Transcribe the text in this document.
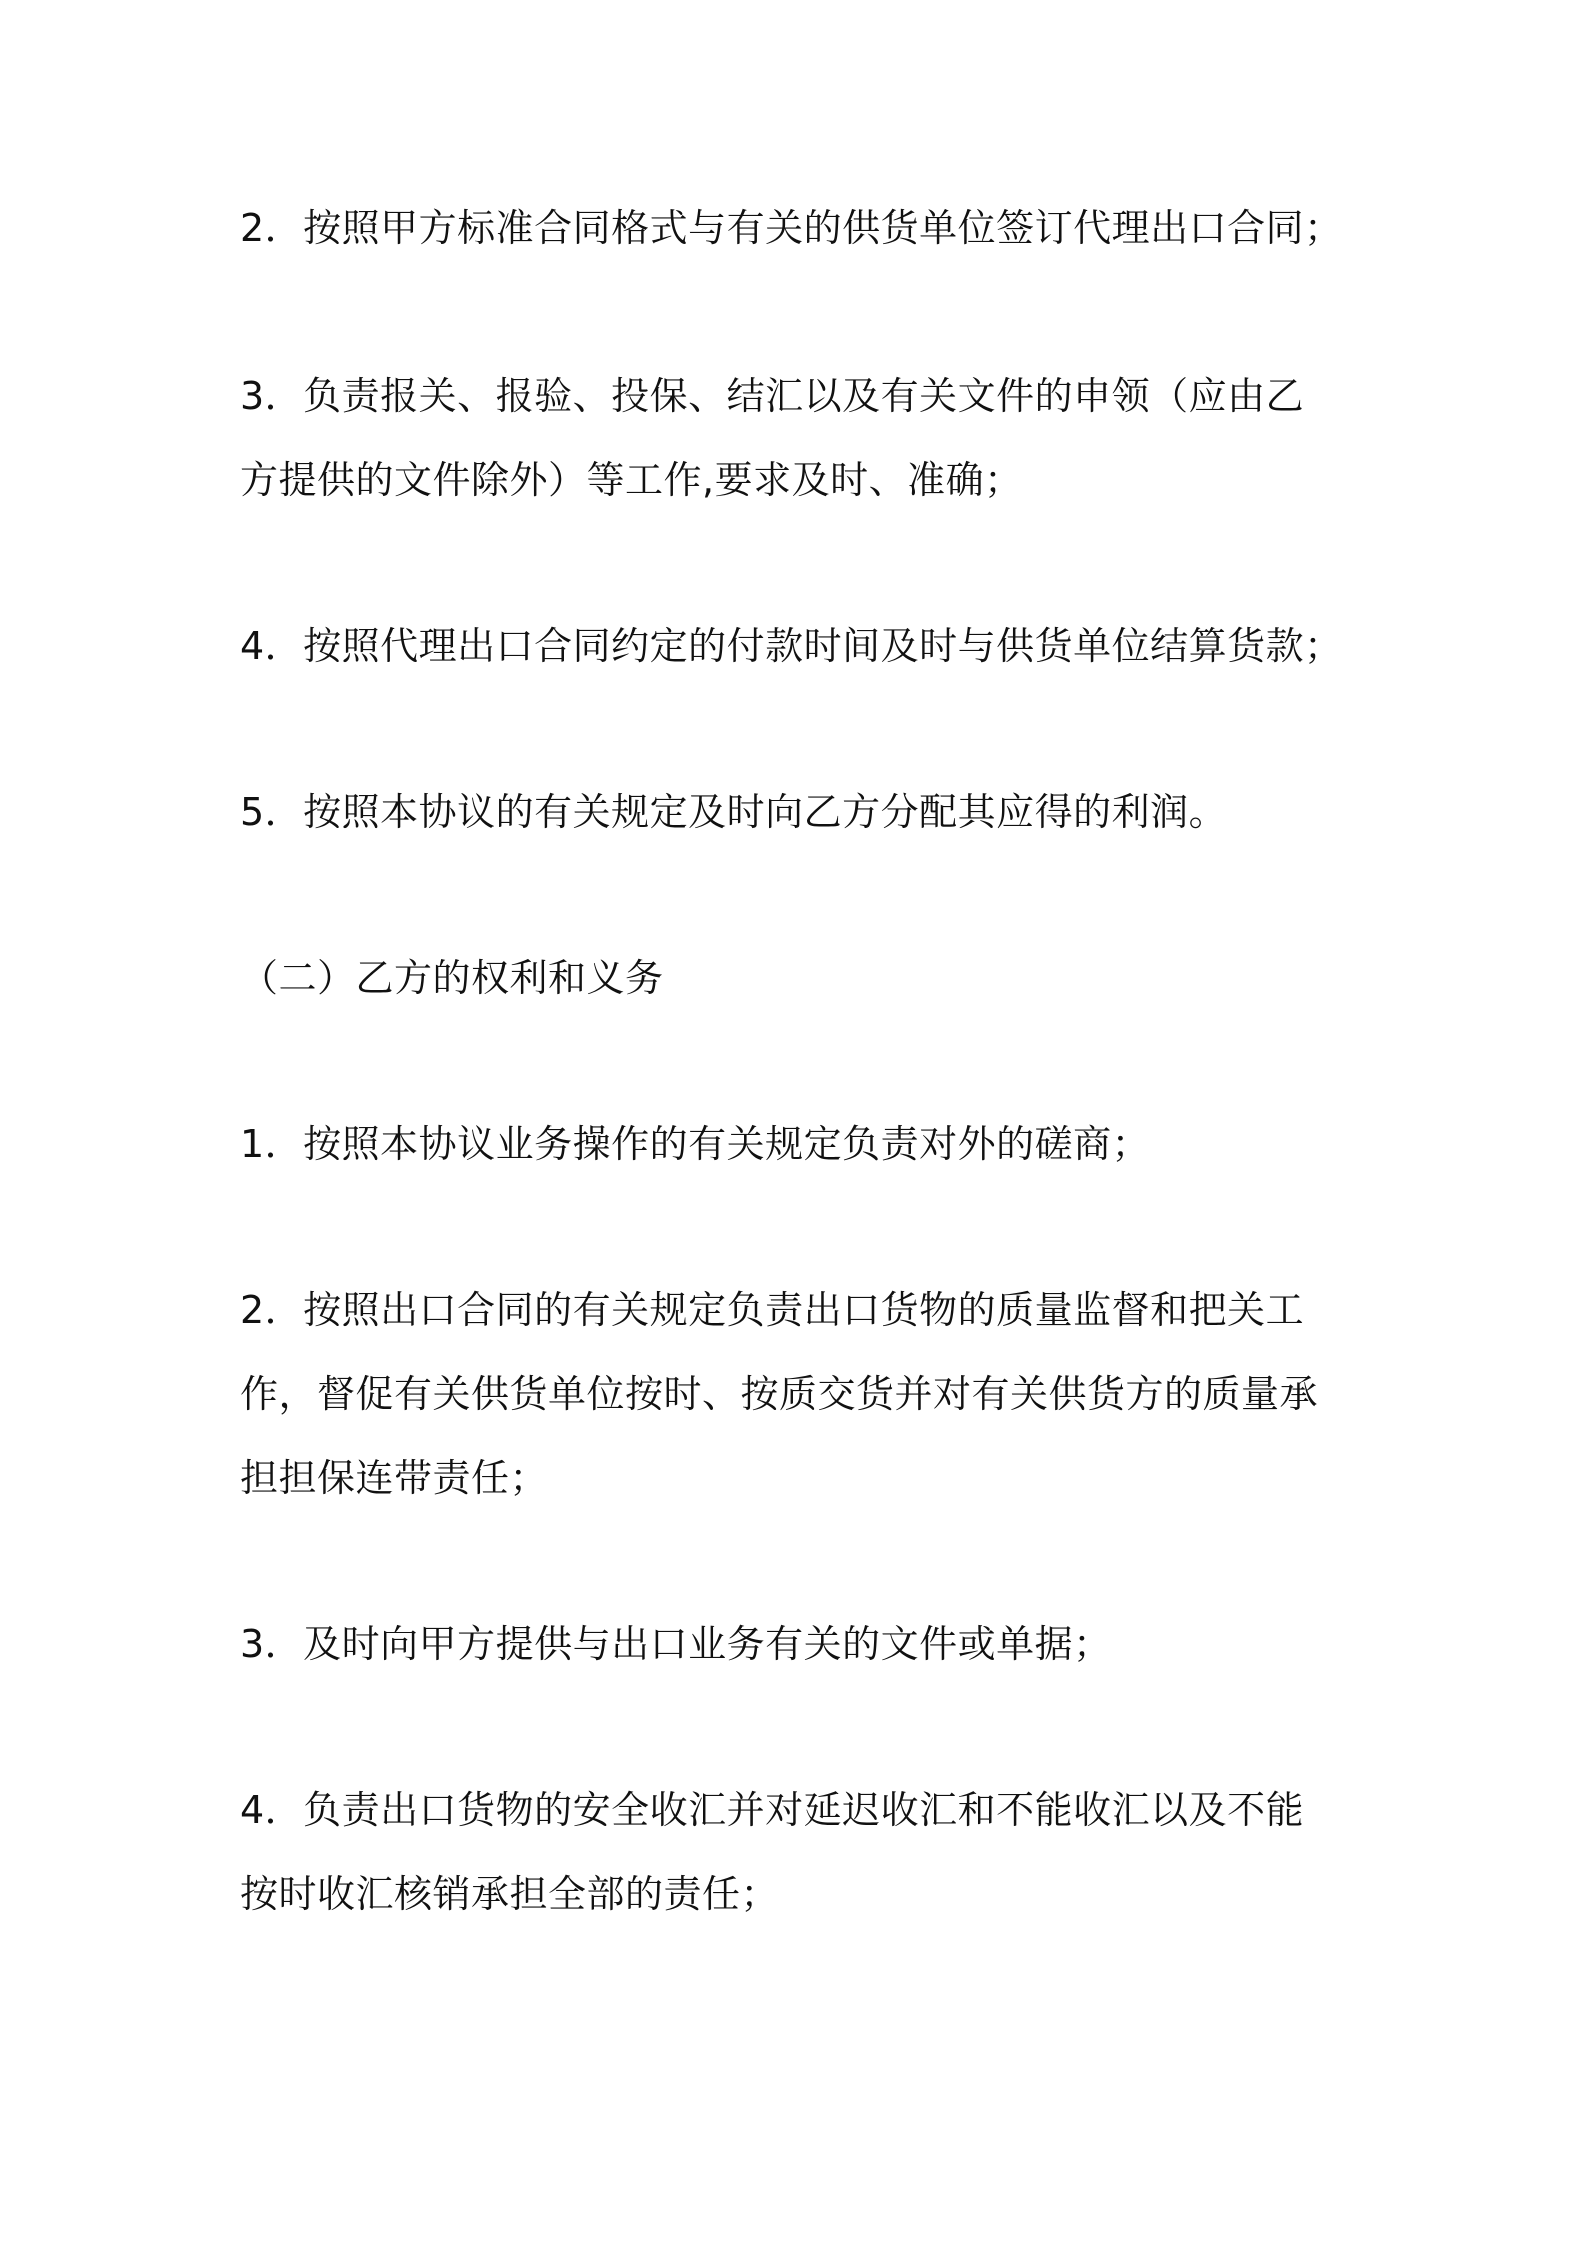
2．按照甲方标准合同格式与有关的供货单位签订代理出口合同；
3．负责报关、报验、投保、结汇以及有关文件的申领（应由乙
方提供的文件除外）等工作,要求及时、准确；
4．按照代理出口合同约定的付款时间及时与供货单位结算货款；
5．按照本协议的有关规定及时向乙方分配其应得的利润。
（二）乙方的权利和义务
1．按照本协议业务操作的有关规定负责对外的磋商；
2．按照出口合同的有关规定负责出口货物的质量监督和把关工
作，督促有关供货单位按时、按质交货并对有关供货方的质量承
担担保连带责任；
3．及时向甲方提供与出口业务有关的文件或单据；
4．负责出口货物的安全收汇并对延迟收汇和不能收汇以及不能
按时收汇核销承担全部的责任；
